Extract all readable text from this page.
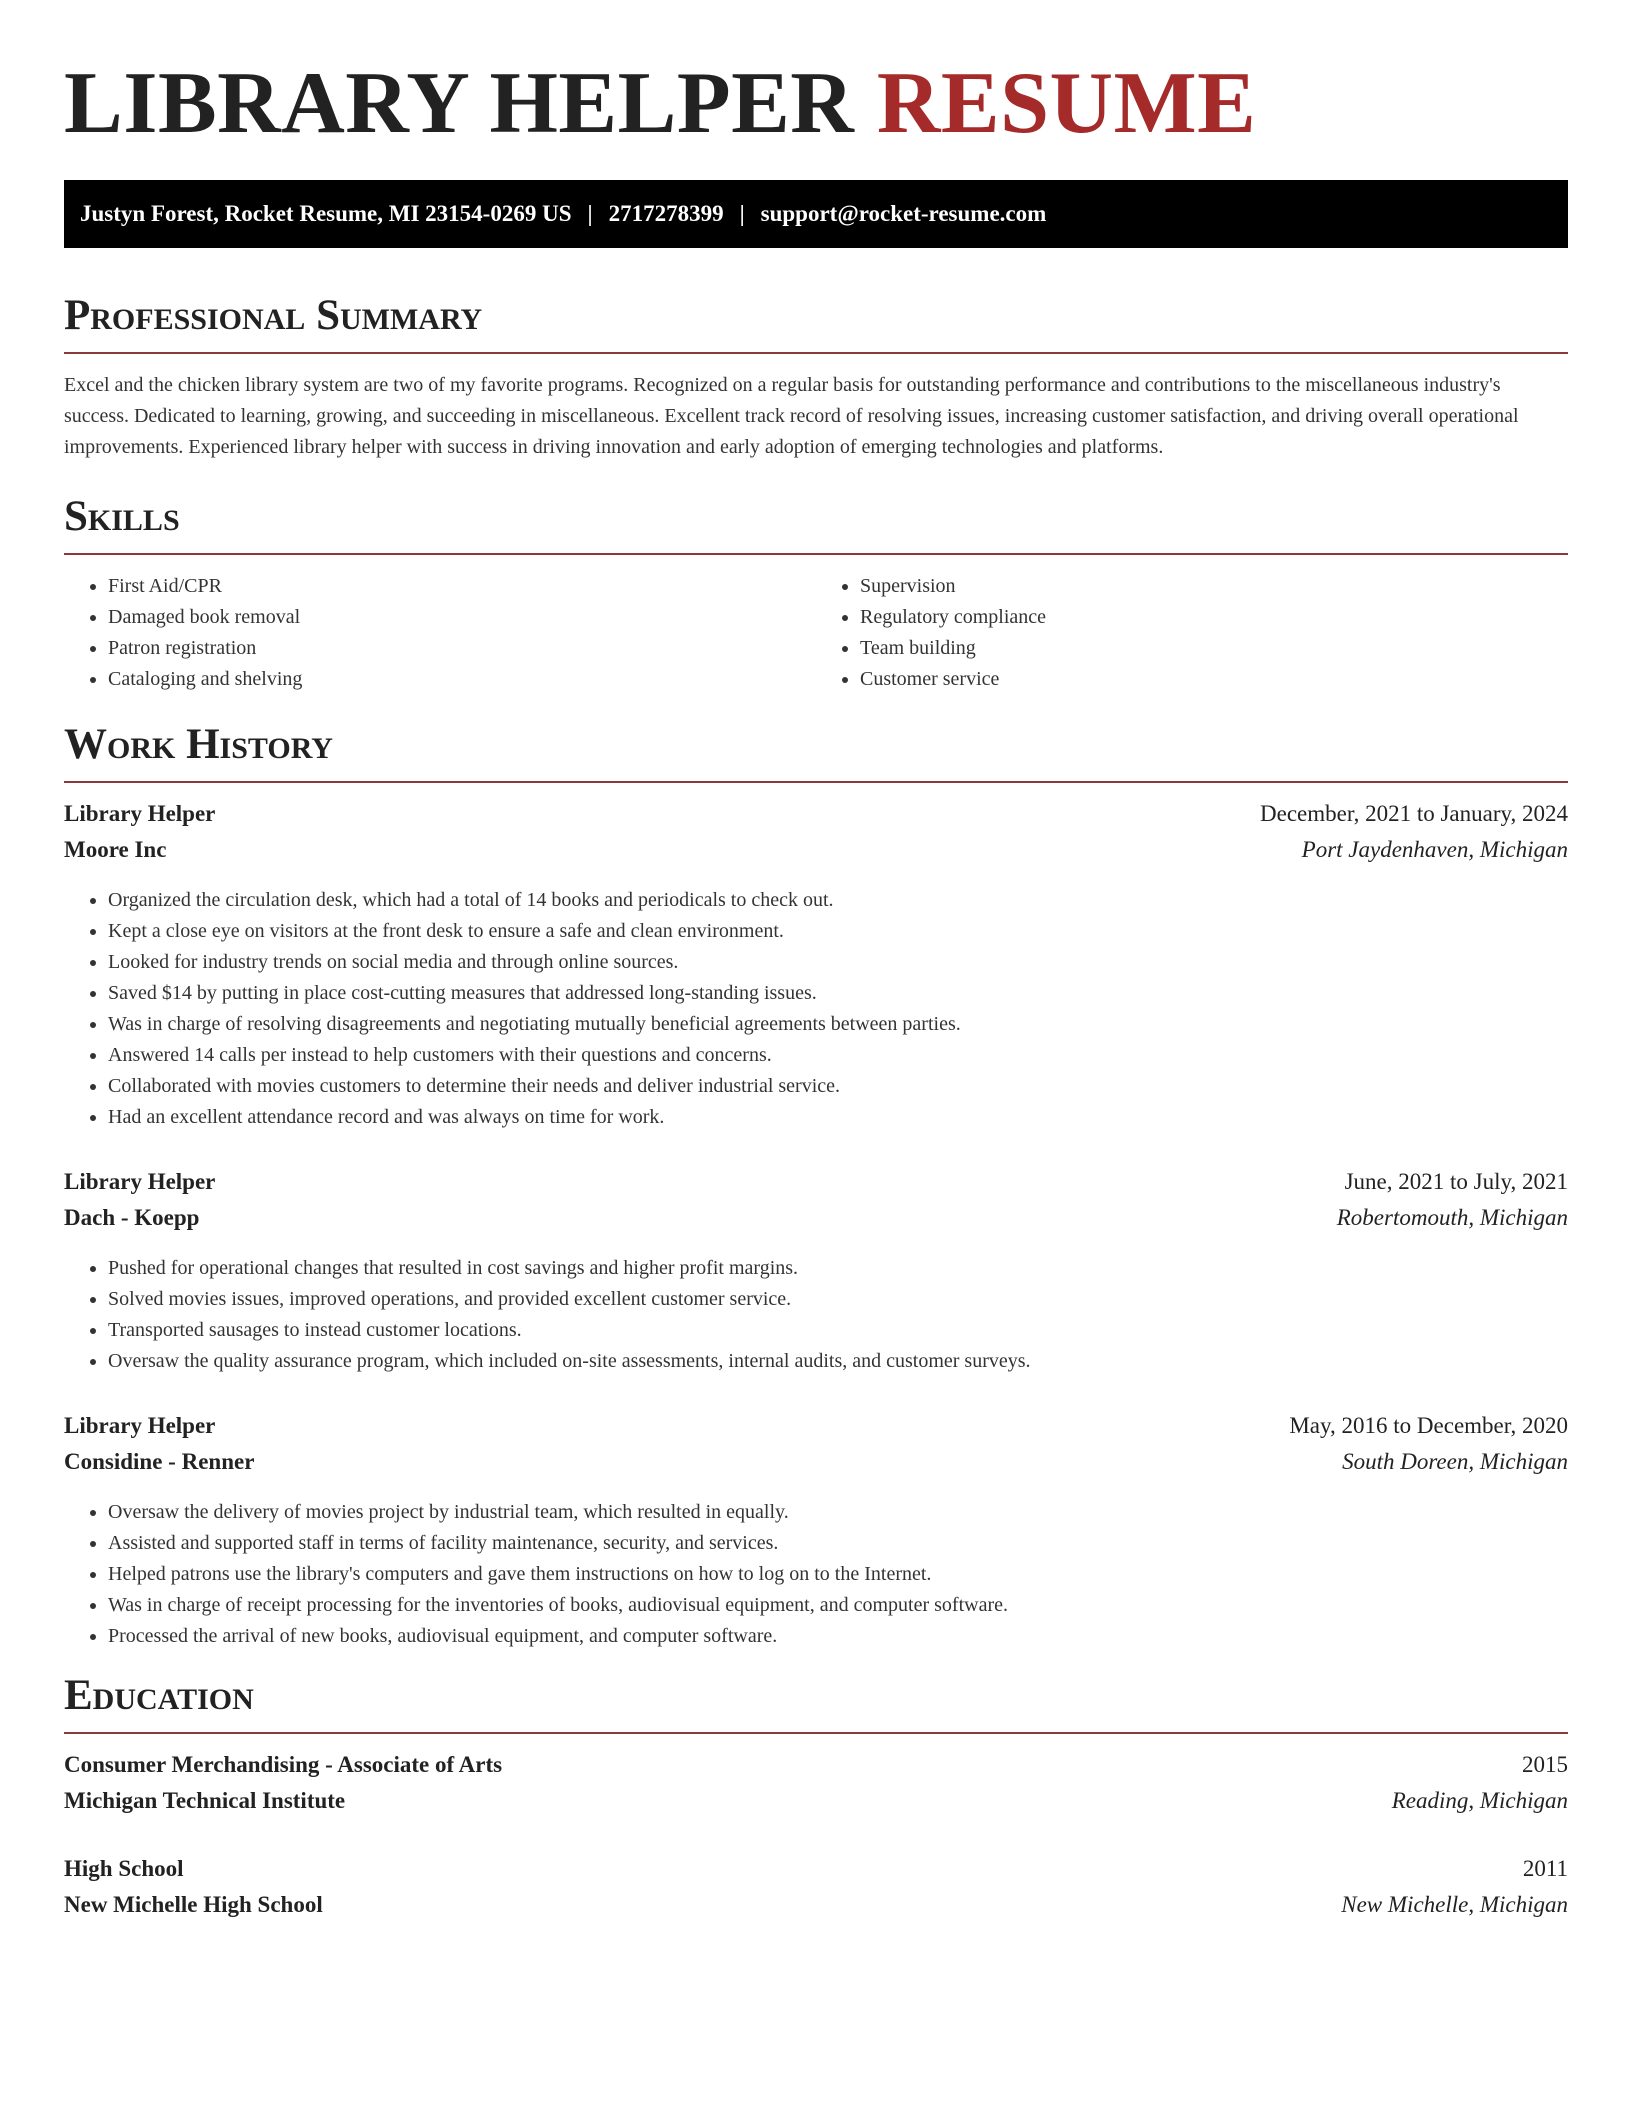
LIBRARY HELPER RESUME
Justyn Forest, Rocket Resume, MI 23154-0269 US | 2717278399 | support@rocket-resume.com
Professional Summary

Excel and the chicken library system are two of my favorite programs. Recognized on a regular basis for outstanding performance and contributions to the miscellaneous industry's success. Dedicated to learning, growing, and succeeding in miscellaneous. Excellent track record of resolving issues, increasing customer satisfaction, and driving overall operational improvements. Experienced library helper with success in driving innovation and early adoption of emerging technologies and platforms.

Skills
• First Aid/CPR
• Damaged book removal
• Patron registration
• Cataloging and shelving
• Supervision
• Regulatory compliance
• Team building
• Customer service
Work History
Library Helper	December, 2021 to January, 2024
Moore Inc	Port Jaydenhaven, Michigan
• Organized the circulation desk, which had a total of 14 books and periodicals to check out.
• Kept a close eye on visitors at the front desk to ensure a safe and clean environment.
• Looked for industry trends on social media and through online sources.
• Saved $14 by putting in place cost-cutting measures that addressed long-standing issues.
• Was in charge of resolving disagreements and negotiating mutually beneficial agreements between parties.
• Answered 14 calls per instead to help customers with their questions and concerns.
• Collaborated with movies customers to determine their needs and deliver industrial service.
• Had an excellent attendance record and was always on time for work.
Library Helper	June, 2021 to July, 2021
Dach - Koepp	Robertomouth, Michigan
• Pushed for operational changes that resulted in cost savings and higher profit margins.
• Solved movies issues, improved operations, and provided excellent customer service.
• Transported sausages to instead customer locations.
• Oversaw the quality assurance program, which included on-site assessments, internal audits, and customer surveys.
Library Helper	May, 2016 to December, 2020
Considine - Renner	South Doreen, Michigan
• Oversaw the delivery of movies project by industrial team, which resulted in equally.
• Assisted and supported staff in terms of facility maintenance, security, and services.
• Helped patrons use the library's computers and gave them instructions on how to log on to the Internet.
• Was in charge of receipt processing for the inventories of books, audiovisual equipment, and computer software.
• Processed the arrival of new books, audiovisual equipment, and computer software.
Education
Consumer Merchandising - Associate of Arts	2015
Michigan Technical Institute	Reading, Michigan
High School	2011
New Michelle High School	New Michelle, Michigan
